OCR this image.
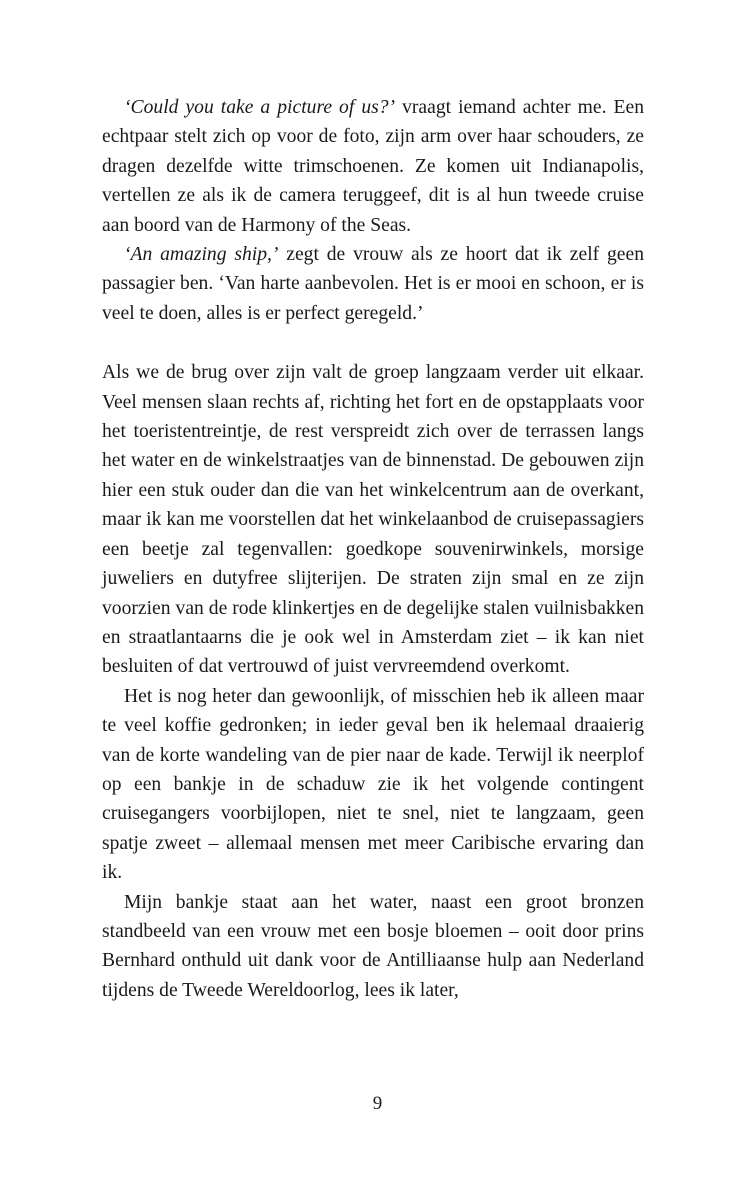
‘Could you take a picture of us?’ vraagt iemand achter me. Een echtpaar stelt zich op voor de foto, zijn arm over haar schouders, ze dragen dezelfde witte trimschoenen. Ze komen uit Indianapolis, vertellen ze als ik de camera teruggeef, dit is al hun tweede cruise aan boord van de Harmony of the Seas.

‘An amazing ship,’ zegt de vrouw als ze hoort dat ik zelf geen passagier ben. ‘Van harte aanbevolen. Het is er mooi en schoon, er is veel te doen, alles is er perfect geregeld.’

Als we de brug over zijn valt de groep langzaam verder uit elkaar. Veel mensen slaan rechts af, richting het fort en de opstapplaats voor het toeristentreintje, de rest verspreidt zich over de terrassen langs het water en de winkelstraatjes van de binnenstad. De gebouwen zijn hier een stuk ouder dan die van het winkelcentrum aan de overkant, maar ik kan me voorstellen dat het winkelaanbod de cruisepassagiers een beetje zal tegenvallen: goedkope souvenirwinkels, morsige juweliers en dutyfree slijterijen. De straten zijn smal en ze zijn voorzien van de rode klinkertjes en de degelijke stalen vuilnisbakken en straatlantaarns die je ook wel in Amsterdam ziet – ik kan niet besluiten of dat vertrouwd of juist vervreemdend overkomt.

Het is nog heter dan gewoonlijk, of misschien heb ik alleen maar te veel koffie gedronken; in ieder geval ben ik helemaal draaierig van de korte wandeling van de pier naar de kade. Terwijl ik neerplof op een bankje in de schaduw zie ik het volgende contingent cruisegangers voorbijlopen, niet te snel, niet te langzaam, geen spatje zweet – allemaal mensen met meer Caribische ervaring dan ik.

Mijn bankje staat aan het water, naast een groot bronzen standbeeld van een vrouw met een bosje bloemen – ooit door prins Bernhard onthuld uit dank voor de Antilliaanse hulp aan Nederland tijdens de Tweede Wereldoorlog, lees ik later,

9
